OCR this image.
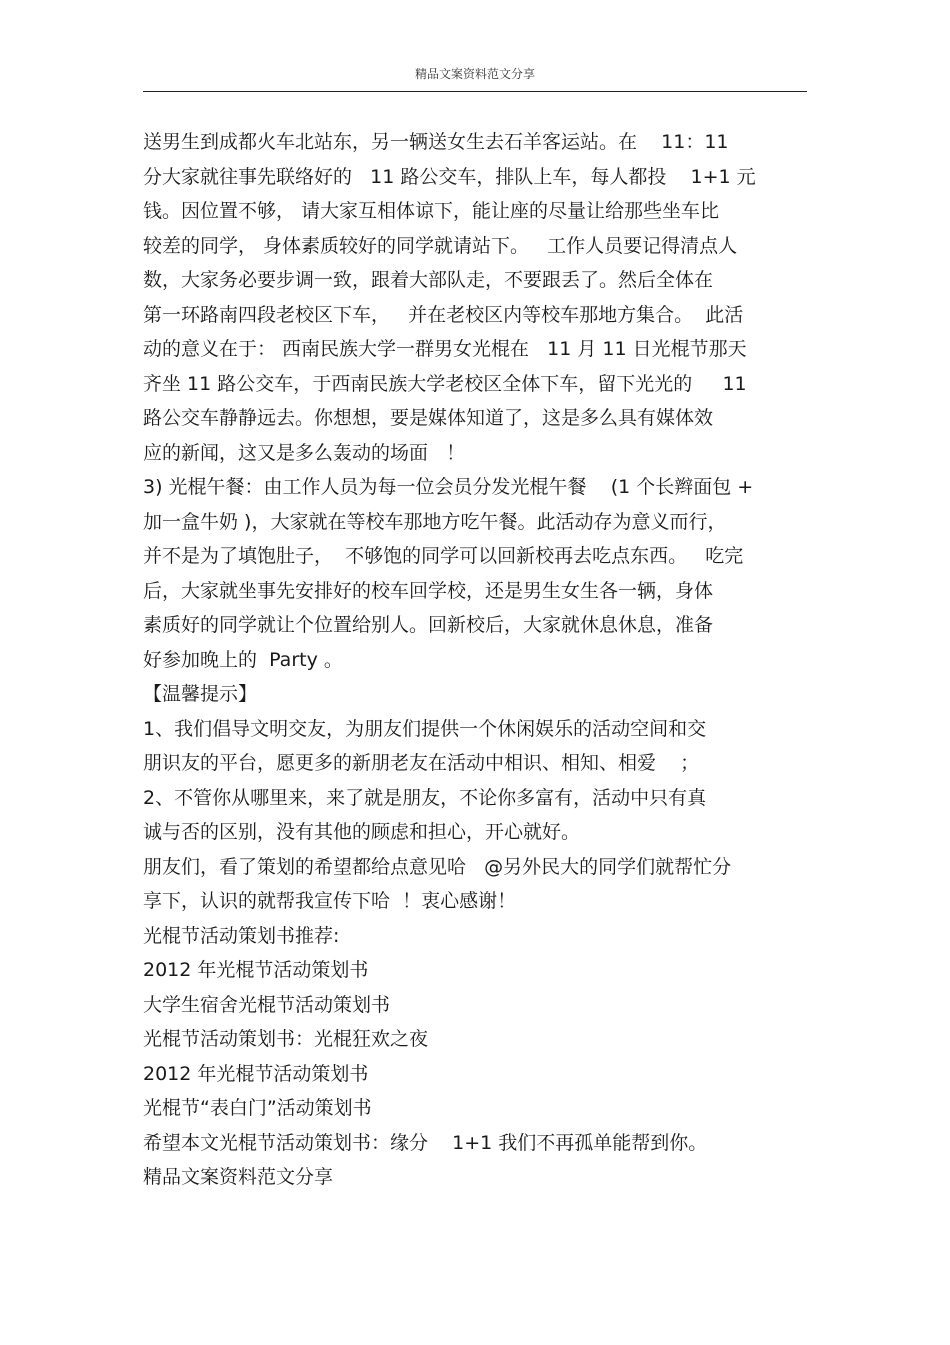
精品文案资料范文分享
送男生到成都火车北站东，另一辆送女生去石羊客运站。在    11：11
分大家就往事先联络好的   11 路公交车，排队上车，每人都投    1+1 元
钱。因位置不够， 请大家互相体谅下，能让座的尽量让给那些坐车比
较差的同学， 身体素质较好的同学就请站下。   工作人员要记得清点人
数，大家务必要步调一致，跟着大部队走，不要跟丢了。然后全体在
第一环路南四段老校区下车，   并在老校区内等校车那地方集合。  此活
动的意义在于： 西南民族大学一群男女光棍在   11 月 11 日光棍节那天
齐坐 11 路公交车，于西南民族大学老校区全体下车，留下光光的     11
路公交车静静远去。你想想，要是媒体知道了，这是多么具有媒体效
应的新闻，这又是多么轰动的场面   ！
3) 光棍午餐：由工作人员为每一位会员分发光棍午餐    (1 个长辫面包 +
加一盒牛奶 )，大家就在等校车那地方吃午餐。此活动存为意义而行，
并不是为了填饱肚子，  不够饱的同学可以回新校再去吃点东西。   吃完
后，大家就坐事先安排好的校车回学校，还是男生女生各一辆，身体
素质好的同学就让个位置给别人。回新校后，大家就休息休息，准备
好参加晚上的  Party 。
【温馨提示】
1、我们倡导文明交友，为朋友们提供一个休闲娱乐的活动空间和交
朋识友的平台，愿更多的新朋老友在活动中相识、相知、相爱    ；
2、不管你从哪里来，来了就是朋友，不论你多富有，活动中只有真
诚与否的区别，没有其他的顾虑和担心，开心就好。
朋友们，看了策划的希望都给点意见哈   @另外民大的同学们就帮忙分
享下，认识的就帮我宣传下哈  ！衷心感谢！
光棍节活动策划书推荐:
2012 年光棍节活动策划书
大学生宿舍光棍节活动策划书
光棍节活动策划书：光棍狂欢之夜
2012 年光棍节活动策划书
光棍节“表白门”活动策划书
希望本文光棍节活动策划书：缘分    1+1 我们不再孤单能帮到你。
精品文案资料范文分享
